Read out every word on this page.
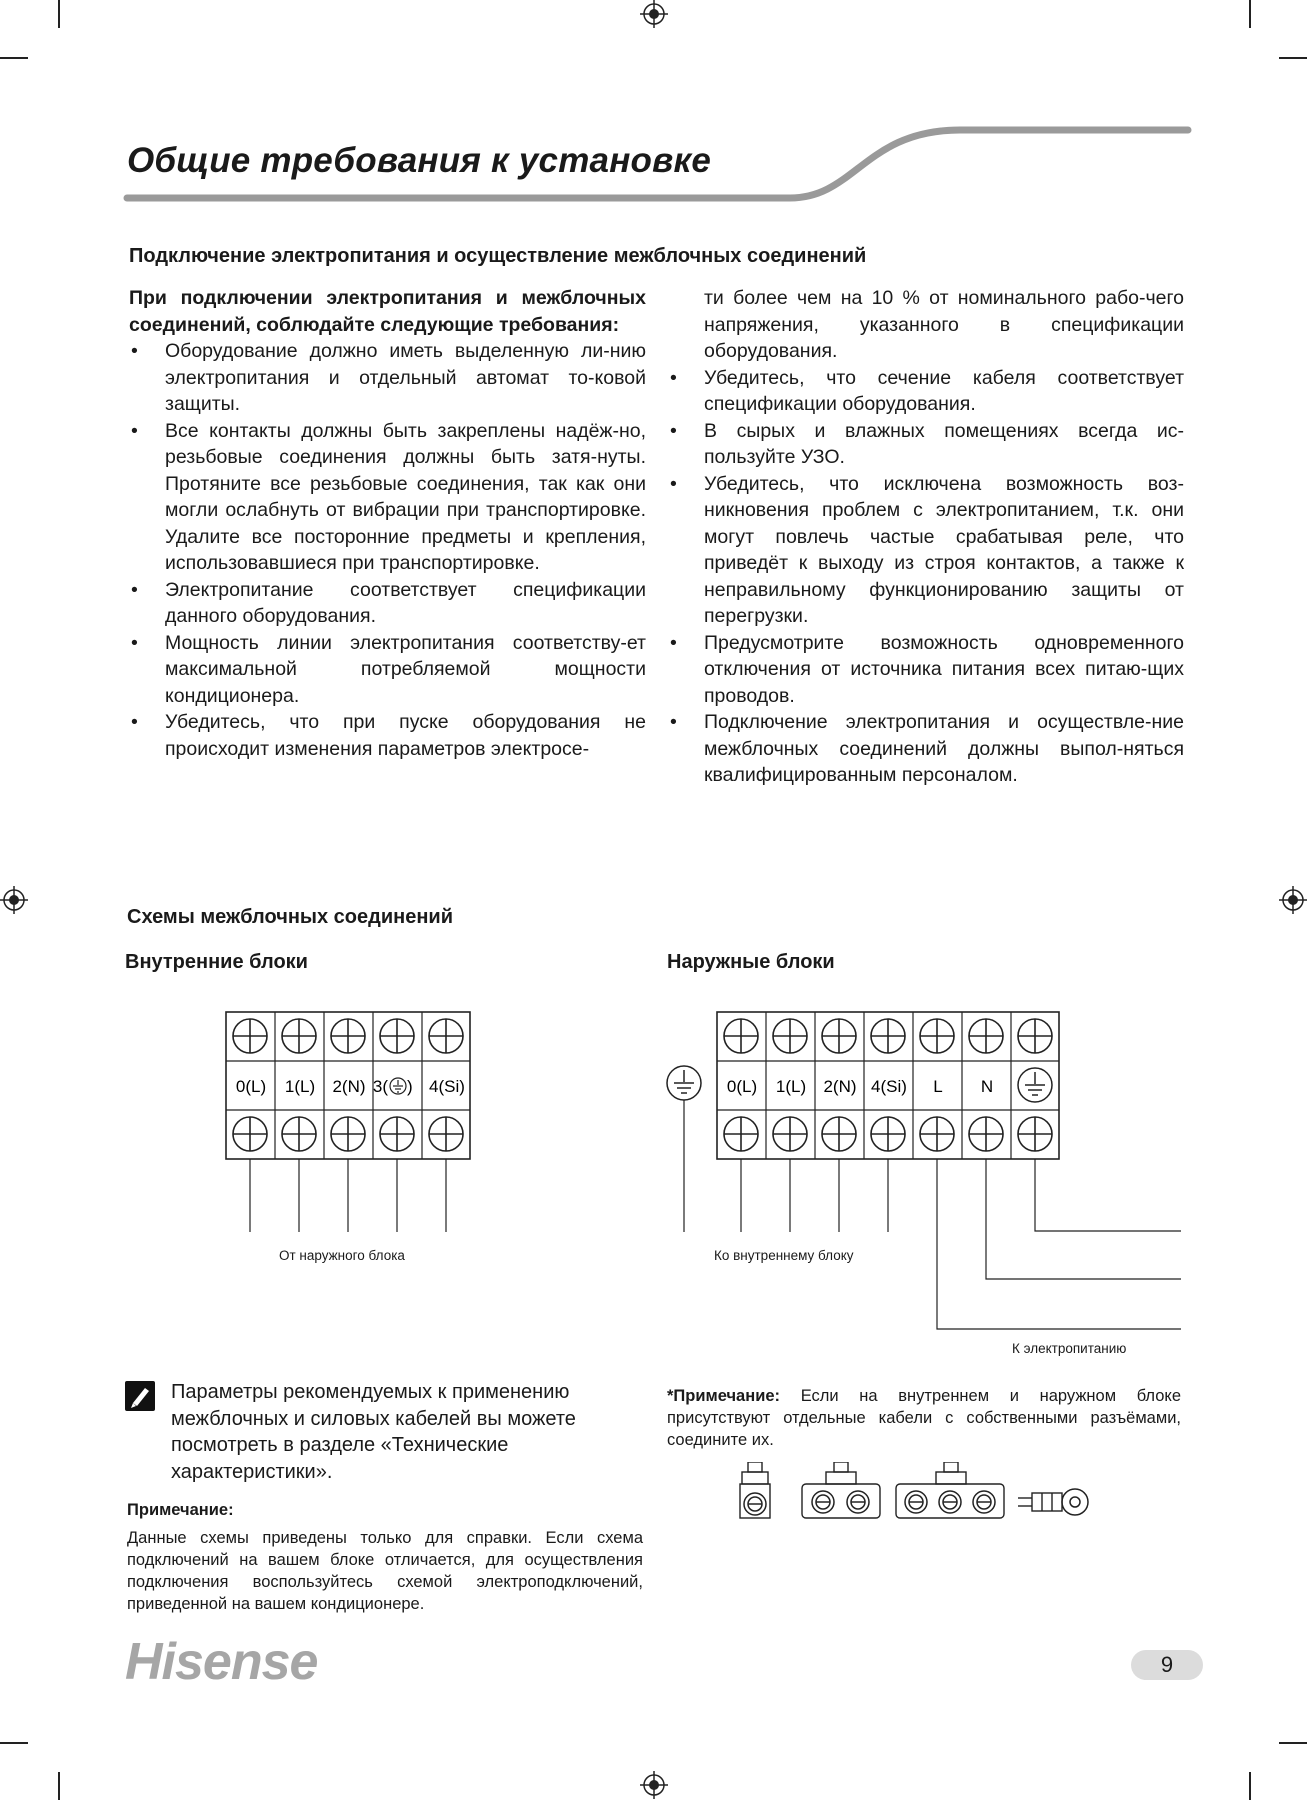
Общие требования к установке
Подключение электропитания и осуществление межблочных соединений

При подключении электропитания и межблочных соединений, соблюдайте следующие требования:

• Оборудование должно иметь выделенную ли-нию электропитания и отдельный автомат то-ковой защиты.
• Все контакты должны быть закреплены надёж-но, резьбовые соединения должны быть затя-нуты. Протяните все резьбовые соединения, так как они могли ослабнуть от вибрации при транспортировке. Удалите все посторонние предметы и крепления, использовавшиеся при транспортировке.
• Электропитание соответствует спецификации данного оборудования.
• Мощность линии электропитания соответству-ет максимальной потребляемой мощности кондиционера.
• Убедитесь, что при пуске оборудования не происходит изменения параметров электросе-

ти более чем на 10 % от номинального рабо-чего напряжения, указанного в спецификации оборудования.

• Убедитесь, что сечение кабеля соответствует спецификации оборудования.
• В сырых и влажных помещениях всегда ис-пользуйте УЗО.
• Убедитесь, что исключена возможность воз-никновения проблем с электропитанием, т.к. они могут повлечь частые срабатывая реле, что приведёт к выходу из строя контактов, а также к неправильному функционированию защиты от перегрузки.
• Предусмотрите возможность одновременного отключения от источника питания всех питаю-щих проводов.
• Подключение электропитания и осуществле-ние межблочных соединений должны выпол-няться квалифицированным персоналом.
Схемы межблочных соединений
Внутренние блоки	Наружные блоки
0(L) 1(L) 2(N) 3( ) 4(Si)
От наружного блока
0(L) 1(L) 2(N) 4(Si) L N
Ко внутреннему блоку
К электропитанию
Параметры рекомендуемых к применению межблочных и силовых кабелей вы можете посмотреть в разделе «Технические характеристики».
Примечание:
Данные схемы приведены только для справки. Если схема подключений на вашем блоке отличается, для осуществления подключения воспользуйтесь схемой электроподключений, приведенной на вашем кондиционере.
*Примечание: Если на внутреннем и наружном блоке присутствуют отдельные кабели с собственными разъёмами, соедините их.
Hisense	9
